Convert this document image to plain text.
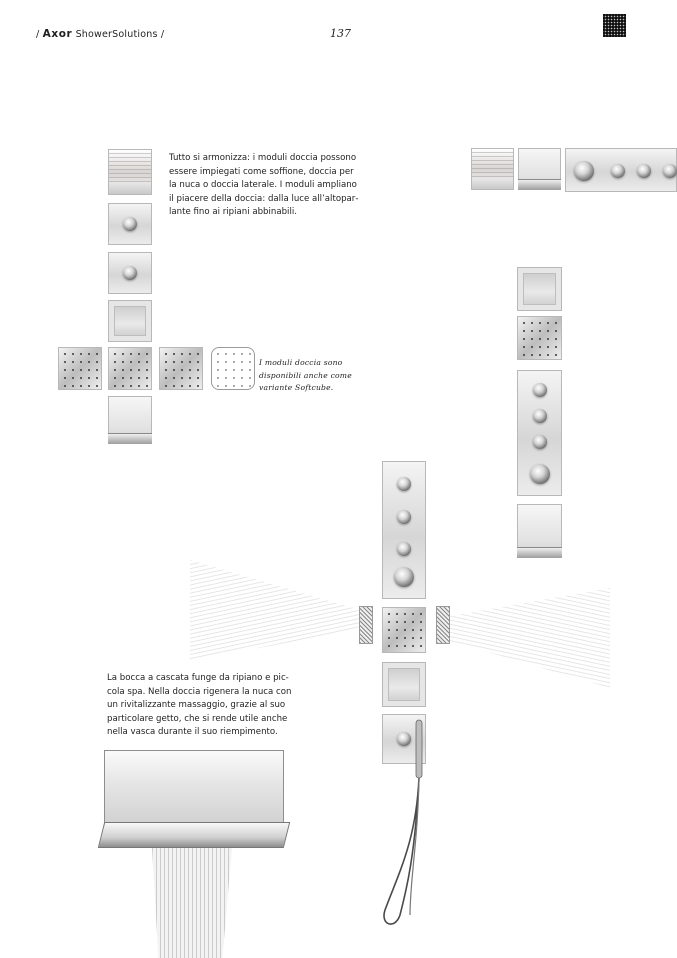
/ Axor ShowerSolutions /	137
Tutto si armonizza: i moduli doccia possono essere impiegati come soffione, doccia per la nuca o doccia laterale. I moduli ampliano il piacere della doccia: dalla luce all’altoparlante fino ai ripiani abbinabili.
I moduli doccia sono disponibili anche come variante Softcube.
La bocca a cascata funge da ripiano e piccola spa. Nella doccia rigenera la nuca con un rivitalizzante massaggio, grazie al suo particolare getto, che si rende utile anche nella vasca durante il suo riempimento.
